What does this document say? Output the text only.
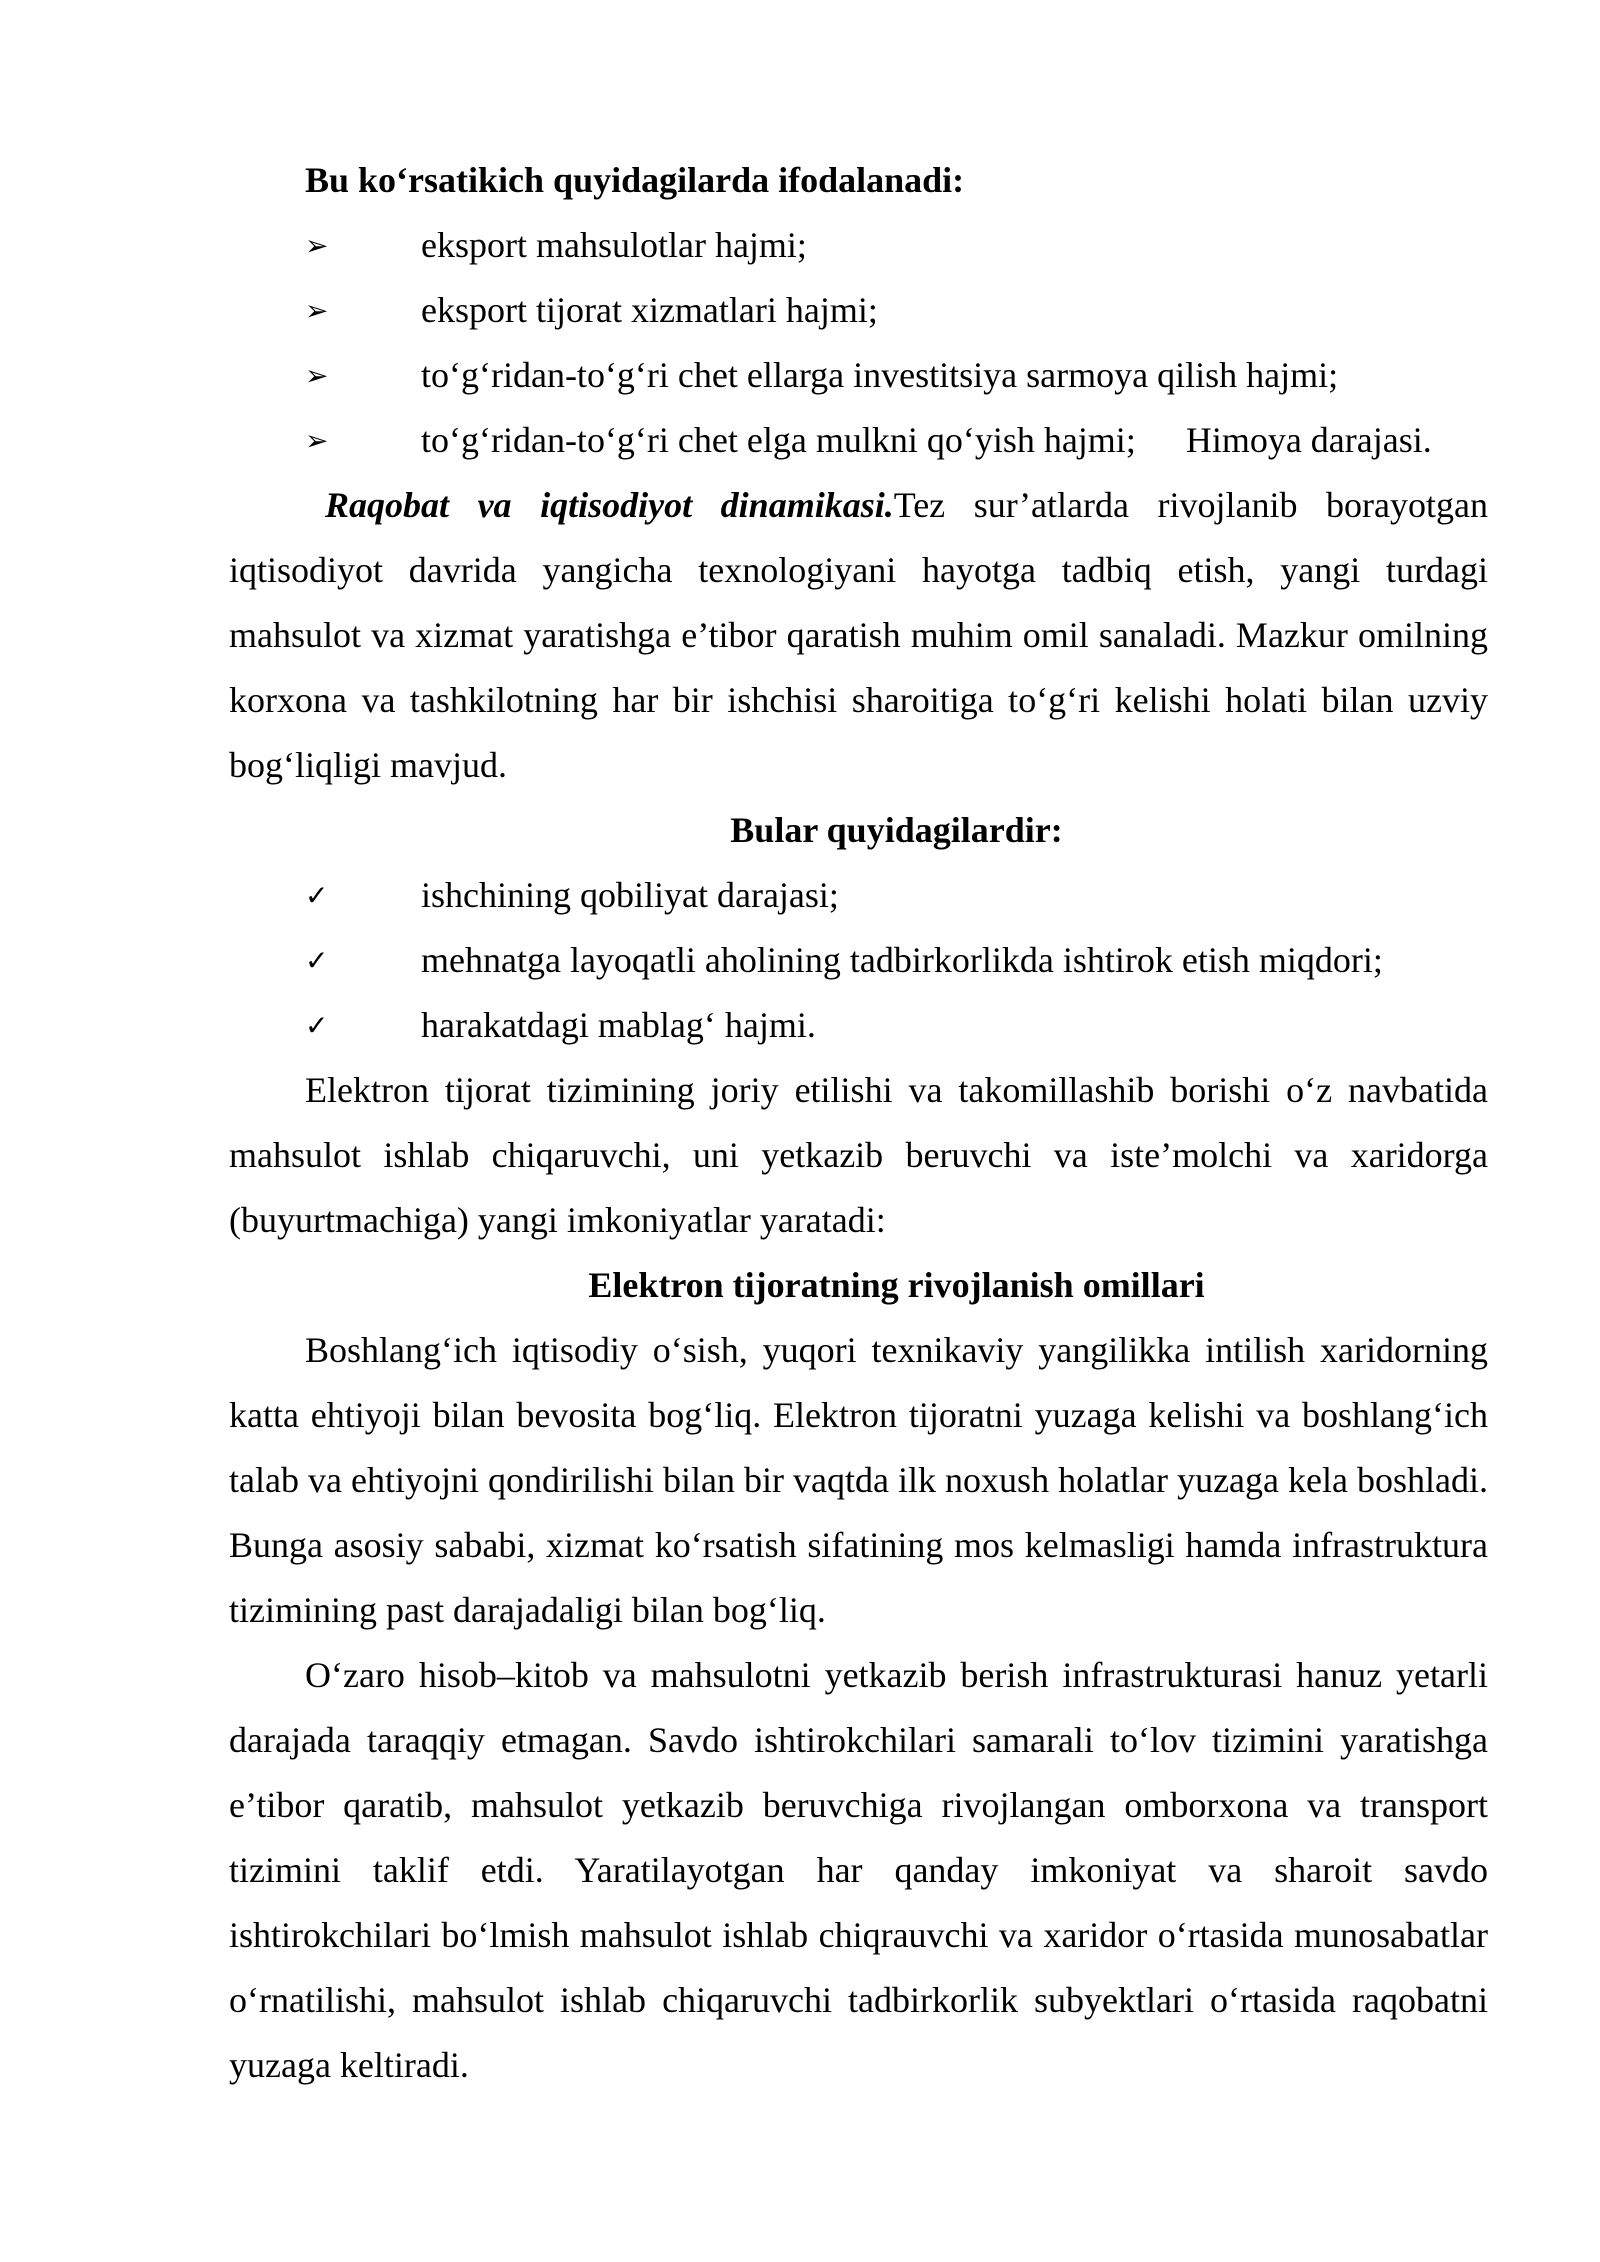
Bu ko‘rsatikich quyidagilarda ifodalanadi:

➢	eksport mahsulotlar hajmi;
➢	eksport tijorat xizmatlari hajmi;
➢	to‘g‘ridan-to‘g‘ri chet ellarga investitsiya sarmoya qilish hajmi;
➢	to‘g‘ridan-to‘g‘ri chet elga mulkni qo‘yish hajmi; Himoya darajasi.

Raqobat va iqtisodiyot dinamikasi.Tez sur’atlarda rivojlanib borayotgan iqtisodiyot davrida yangicha texnologiyani hayotga tadbiq etish, yangi turdagi mahsulot va xizmat yaratishga e’tibor qaratish muhim omil sanaladi. Mazkur omilning korxona va tashkilotning har bir ishchisi sharoitiga to‘g‘ri kelishi holati bilan uzviy bog‘liqligi mavjud.

Bular quyidagilardir:

✓	ishchining qobiliyat darajasi;
✓	mehnatga layoqatli aholining tadbirkorlikda ishtirok etish miqdori;
✓	harakatdagi mablag‘ hajmi.

Elektron tijorat tizimining joriy etilishi va takomillashib borishi o‘z navbatida mahsulot ishlab chiqaruvchi, uni yetkazib beruvchi va iste’molchi va xaridorga (buyurtmachiga) yangi imkoniyatlar yaratadi:

Elektron tijoratning rivojlanish omillari

Boshlang‘ich iqtisodiy o‘sish, yuqori texnikaviy yangilikka intilish xaridorning katta ehtiyoji bilan bevosita bog‘liq. Elektron tijoratni yuzaga kelishi va boshlang‘ich talab va ehtiyojni qondirilishi bilan bir vaqtda ilk noxush holatlar yuzaga kela boshladi. Bunga asosiy sababi, xizmat ko‘rsatish sifatining mos kelmasligi hamda infrastruktura tizimining past darajadaligi bilan bog‘liq.

O‘zaro hisob–kitob va mahsulotni yetkazib berish infrastrukturasi hanuz yetarli darajada taraqqiy etmagan. Savdo ishtirokchilari samarali to‘lov tizimini yaratishga e’tibor qaratib, mahsulot yetkazib beruvchiga rivojlangan omborxona va transport tizimini taklif etdi. Yaratilayotgan har qanday imkoniyat va sharoit savdo ishtirokchilari bo‘lmish mahsulot ishlab chiqrauvchi va xaridor o‘rtasida munosabatlar o‘rnatilishi, mahsulot ishlab chiqaruvchi tadbirkorlik subyektlari o‘rtasida raqobatni yuzaga keltiradi.
